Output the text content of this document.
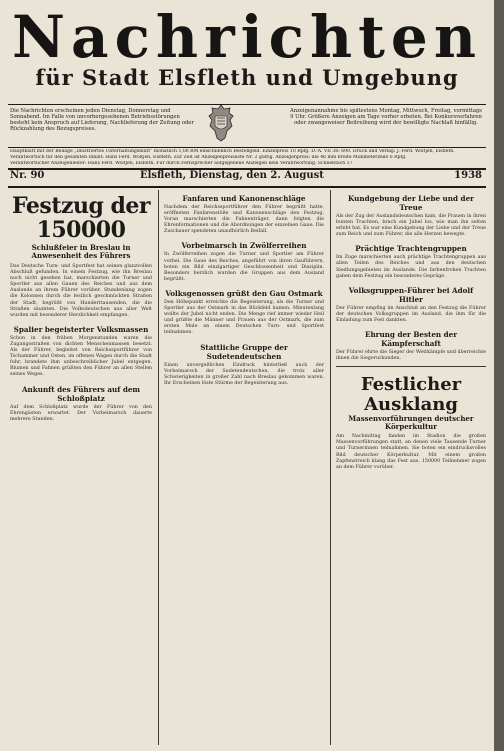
Nachrichten
für Stadt Elsfleth und Umgebung
Die Nachrichten erscheinen jeden Dienstag, Donnerstag und Sonnabend. Im Falle von unvorhergesehenen Betriebsstörungen besteht kein Anspruch auf Lieferung, Nachlieferung der Zeitung oder Rückzahlung des Bezugspreises.
Anzeigenannahme bis spätestens Montag, Mittwoch, Freitag, vormittags 9 Uhr. Größere Anzeigen am Tage vorher erbeten. Bei Konkursverfahren oder zwangsweiser Beitreibung wird der bewilligte Nachlaß hinfällig.
Hauptblatt mit der Beilage „Illustriertes Unterhaltungsblatt“ monatlich 1,00 RM einschließlich Bestellgeld. Einzelpreis 10 Rpfg. D.-A. VII 38: 690. Druck und Verlag: J. Ferd. Wöltjen, Elsfleth.
Verantwortlich für den gesamten Inhalt: Hans Ferd. Wöltjen, Elsfleth. Zur Zeit ist Anzeigenpreisliste Nr. 2 gültig. Anzeigenpreis: die 46 mm breite Millimeterzeile 6 Rpfg.
Verantwortlicher Anzeigenleiter: Hans Ferd. Wöltjen, Elsfleth. Für durch Fernsprecher aufgegebene Anzeigen kein Verantwortung. Schließfach 17
Nr. 90	Elsfleth, Dienstag, den 2. August	1938
Festzug der 150000
Schlußfeier in Breslau in Anwesenheit des Führers

Das Deutsche Turn- und Sportfest hat seinen glanzvollen Abschluß gefunden. In einem Festzug, wie ihn Breslau noch nicht gesehen hat, marschierten die Turner und Sportler aus allen Gauen des Reiches und aus dem Auslande an ihrem Führer vorüber. Stundenlang zogen die Kolonnen durch die festlich geschmückten Straßen der Stadt, begrüßt von Hunderttausenden, die die Straßen säumten. Die Volksdeutschen aus aller Welt wurden mit besonderer Herzlichkeit empfangen.

Spalier begeisterter Volksmassen

Schon in den frühen Morgenstunden waren die Zugangsstraßen von dichten Menschenmassen besetzt. Als der Führer, begleitet von Reichssportführer von Tschammer und Osten, im offenen Wagen durch die Stadt fuhr, brandete ihm unbeschreiblicher Jubel entgegen. Blumen und Fahnen grüßten den Führer an allen Stellen seines Weges.

Ankunft des Führers auf dem Schloßplatz

Auf dem Schloßplatz wurde der Führer von den Ehrengästen erwartet. Der Vorbeimarsch dauerte mehrere Stunden.

Fanfaren und Kanonenschläge

Nachdem der Reichssportführer den Führer begrüßt hatte, eröffneten Fanfarenstöße und Kanonenschläge den Festzug. Voran marschierten die Fahnenträger, dann folgten die Ehrenformationen und die Abordnungen der einzelnen Gaue. Die Zuschauer spendeten unaufhörlich Beifall.

Vorbeimarsch in Zwölferreihen

In Zwölferreihen zogen die Turner und Sportler am Führer vorbei. Die Gaue des Reiches, angeführt von ihren Gauführern, boten ein Bild einzigartiger Geschlossenheit und Disziplin. Besonders herzlich wurden die Gruppen aus dem Ausland begrüßt.

Volksgenossen grüßt den Gau Ostmark

Den Höhepunkt erreichte die Begeisterung, als die Turner und Sportler aus der Ostmark in das Blickfeld kamen. Minutenlang wollte der Jubel nicht enden. Die Menge rief immer wieder Heil und grüßte die Männer und Frauen aus der Ostmark, die zum ersten Male an einem Deutschen Turn- und Sportfest teilnahmen.

Stattliche Gruppe der Sudetendeutschen

Einen unvergeßlichen Eindruck hinterließ auch der Vorbeimarsch der Sudetendeutschen, die trotz aller Schwierigkeiten in großer Zahl nach Breslau gekommen waren. Ihr Erscheinen löste Stürme der Begeisterung aus.

Kundgebung der Liebe und der Treue

Als der Zug der Auslandsdeutschen kam, die Frauen in ihren bunten Trachten, brach ein Jubel los, wie man ihn selten erlebt hat. Es war eine Kundgebung der Liebe und der Treue zum Reich und zum Führer, die alle Herzen bewegte.

Prächtige Trachtengruppen

Im Zuge marschierten auch prächtige Trachtengruppen aus allen Teilen des Reiches und aus den deutschen Siedlungsgebieten im Auslande. Die farbenfrohen Trachten gaben dem Festzug ein besonderes Gepräge.

Volksgruppen-Führer bei Adolf Hitler

Der Führer empfing im Anschluß an den Festzug die Führer der deutschen Volksgruppen im Ausland, die ihm für die Einladung zum Fest dankten.

Ehrung der Besten der Kämpferschaft

Der Führer ehrte die Sieger der Wettkämpfe und überreichte ihnen die Siegerurkunden.

Festlicher Ausklang
Massenvorführungen deutscher Körperkultur

Am Nachmittag fanden im Stadion die großen Massenvorführungen statt, an denen viele Tausende Turner und Turnerinnen teilnahmen. Sie boten ein eindrucksvolles Bild deutscher Körperkultur. Mit einem großen Zapfenstreich klang das Fest aus. 150000 Teilnehmer zogen an dem Führer vorüber.
